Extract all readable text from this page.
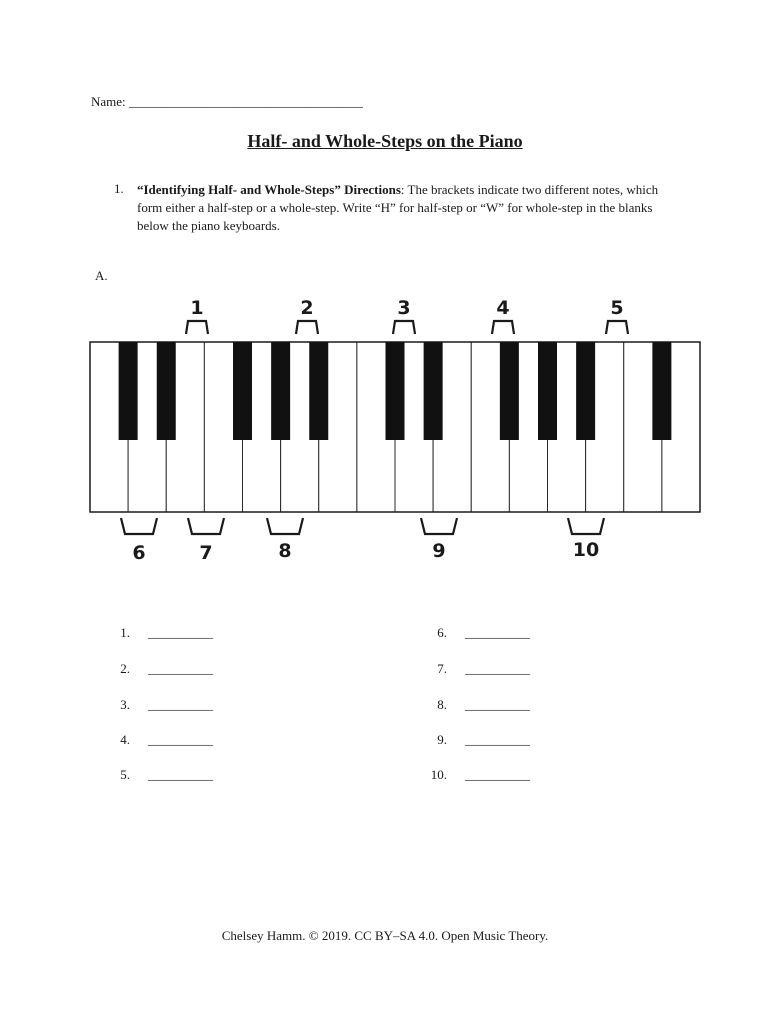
Name: ____________________________________
Half- and Whole-Steps on the Piano
1. “Identifying Half- and Whole-Steps” Directions: The brackets indicate two different notes, which form either a half-step or a whole-step. Write “H” for half-step or “W” for whole-step in the blanks below the piano keyboards.
A.
1	2	3	4	5
6	7	8	9	10
1. __________
2. __________
3. __________
4. __________
5. __________
6. __________
7. __________
8. __________
9. __________
10. __________
Chelsey Hamm. © 2019. CC BY–SA 4.0. Open Music Theory.
